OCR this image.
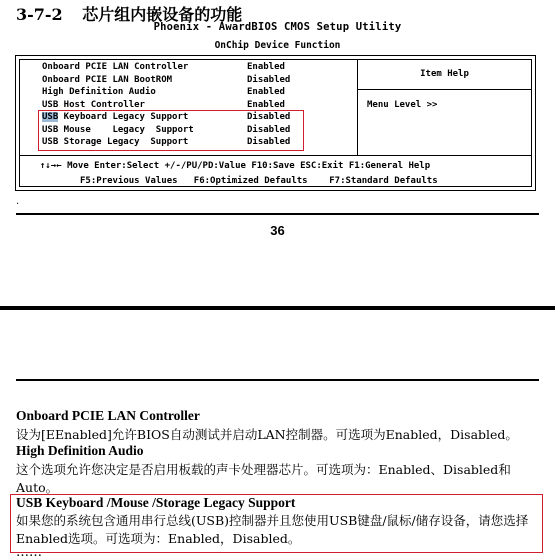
3-7-2 芯片组内嵌设备的功能
Phoenix - AwardBIOS CMOS Setup Utility
OnChip Device Function
Onboard PCIE LAN Controller	Enabled
Onboard PCIE LAN BootROM	Disabled
High Definition Audio	Enabled
USB Host Controller	Enabled
USB Keyboard Legacy Support	Disabled
USB Mouse    Legacy  Support	Disabled
USB Storage Legacy  Support	Disabled
Item Help
Menu Level >>
↑↓→← Move Enter:Select +/-/PU/PD:Value F10:Save ESC:Exit F1:General Help
F5:Previous Values   F6:Optimized Defaults    F7:Standard Defaults
.
36
Onboard PCIE LAN Controller
设为[EEnabled]允许BIOS自动测试并启动LAN控制器。可选项为Enabled，Disabled。
High Definition Audio
这个选项允许您决定是否启用板载的声卡处理器芯片。可选项为：Enabled、Disabled和Auto。
USB Keyboard /Mouse /Storage Legacy Support
如果您的系统包含通用串行总线(USB)控制器并且您使用USB键盘/鼠标/储存设备，请您选择Enabled选项。可选项为：Enabled，Disabled。
……
